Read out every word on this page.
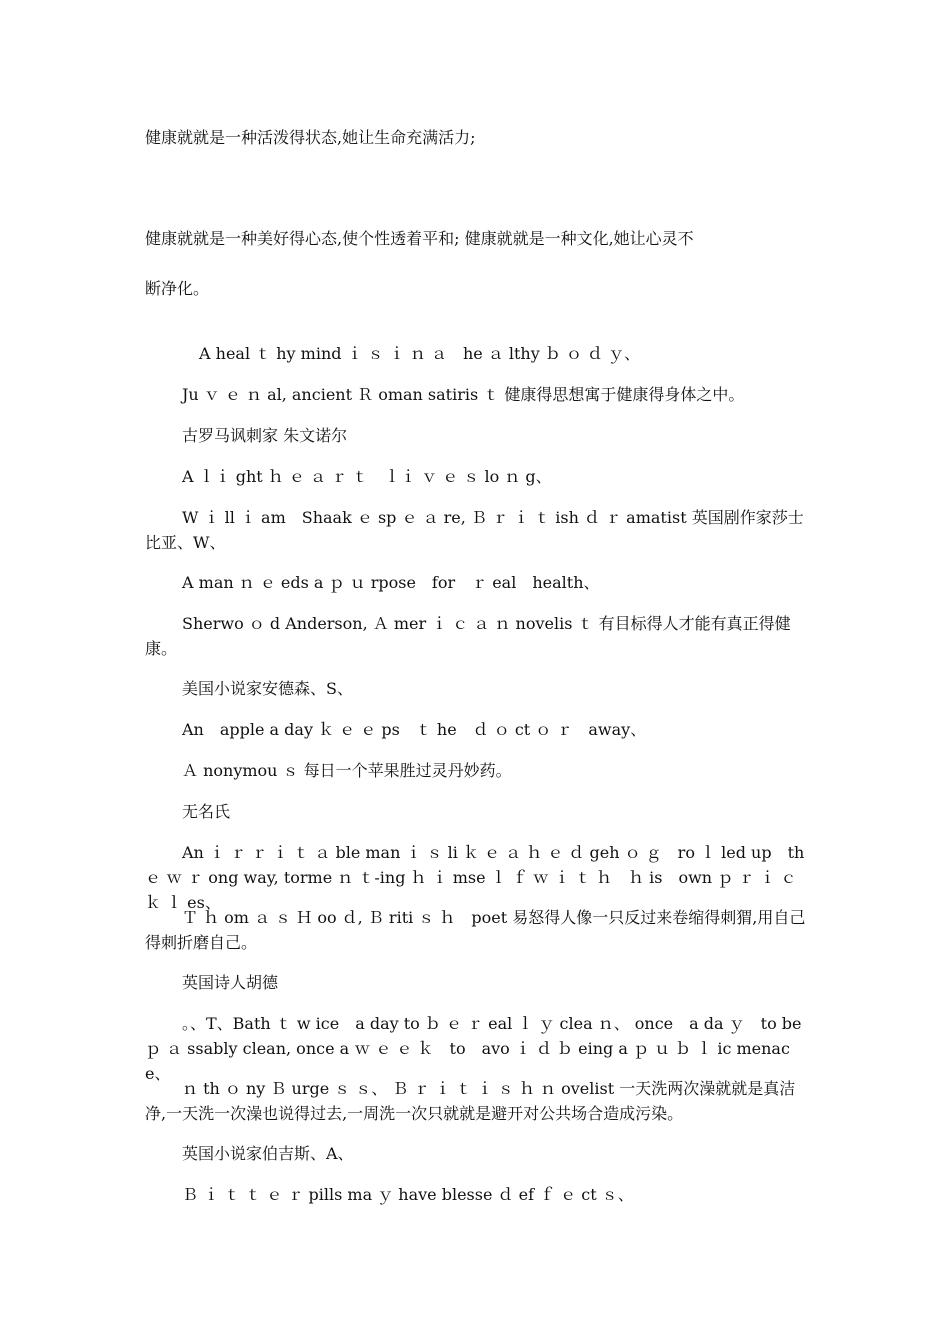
健康就就是一种活泼得状态,她让生命充满活力;
健康就就是一种美好得心态,使个性透着平和; 健康就就是一种文化,她让心灵不
断净化。
A heal ｔ hy mind ｉ ｓ ｉ ｎ ａ　he ａ lthy ｂ ｏ ｄ ｙ、
Ju ｖ ｅ ｎ al, ancient Ｒ oman satiris ｔ 健康得思想寓于健康得身体之中。
古罗马讽刺家 朱文诺尔
A ｌｉ ght ｈ ｅ ａ ｒ ｔ　ｌｉ ｖ ｅ ｓ lo ｎ g、
W ｉ ll ｉ am　Shaak ｅ sp ｅ ａ re, Ｂ ｒ ｉ ｔ ish ｄ ｒ amatist 英国剧作家莎士比亚、W、
A man ｎ ｅ eds a ｐ ｕ rpose　for　ｒ eal　health、
Sherwo ｏ d Anderson, Ａ mer ｉ ｃ ａ ｎ novelis ｔ 有目标得人才能有真正得健康。
美国小说家安德森、S、
An　apple a day ｋ ｅ ｅ ps　ｔ he　ｄ ｏ ct ｏ ｒ　away、
Ａ nonymou ｓ 每日一个苹果胜过灵丹妙药。
无名氏
An ｉ ｒ ｒ ｉ ｔ ａ ble man ｉ ｓ li ｋ ｅ ａ ｈ ｅ ｄ geh ｏ ｇ　ro ｌ led up　th ｅ ｗ ｒ ong way, torme ｎ ｔ-ing ｈ ｉ mse ｌ ｆ ｗ ｉ ｔ ｈ　ｈ is　own ｐ ｒ ｉ ｃ ｋ ｌ es、
Ｔ ｈ om ａ ｓ Ｈ oo ｄ, Ｂ riti ｓ ｈ　poet 易怒得人像一只反过来卷缩得刺猬,用自己得刺折磨自己。
英国诗人胡德
。、T、Bath ｔ w ice　a day to ｂ ｅ ｒ eal ｌ ｙ clea ｎ、 once　a da ｙ　to be ｐ ａ ssably clean, once a ｗ ｅ ｅ ｋ　to　avo ｉ ｄ ｂ eing a ｐ ｕ ｂ ｌ ic menace、
ｎ th ｏ ny Ｂ urge ｓ ｓ、 Ｂ ｒ ｉ ｔ ｉ ｓ ｈ ｎ ovelist 一天洗两次澡就就是真洁净,一天洗一次澡也说得过去,一周洗一次只就就是避开对公共场合造成污染。
英国小说家伯吉斯、A、
Ｂ ｉ ｔ ｔ ｅ ｒ pills ma ｙ have blesse ｄ ef ｆ ｅ ct ｓ、
